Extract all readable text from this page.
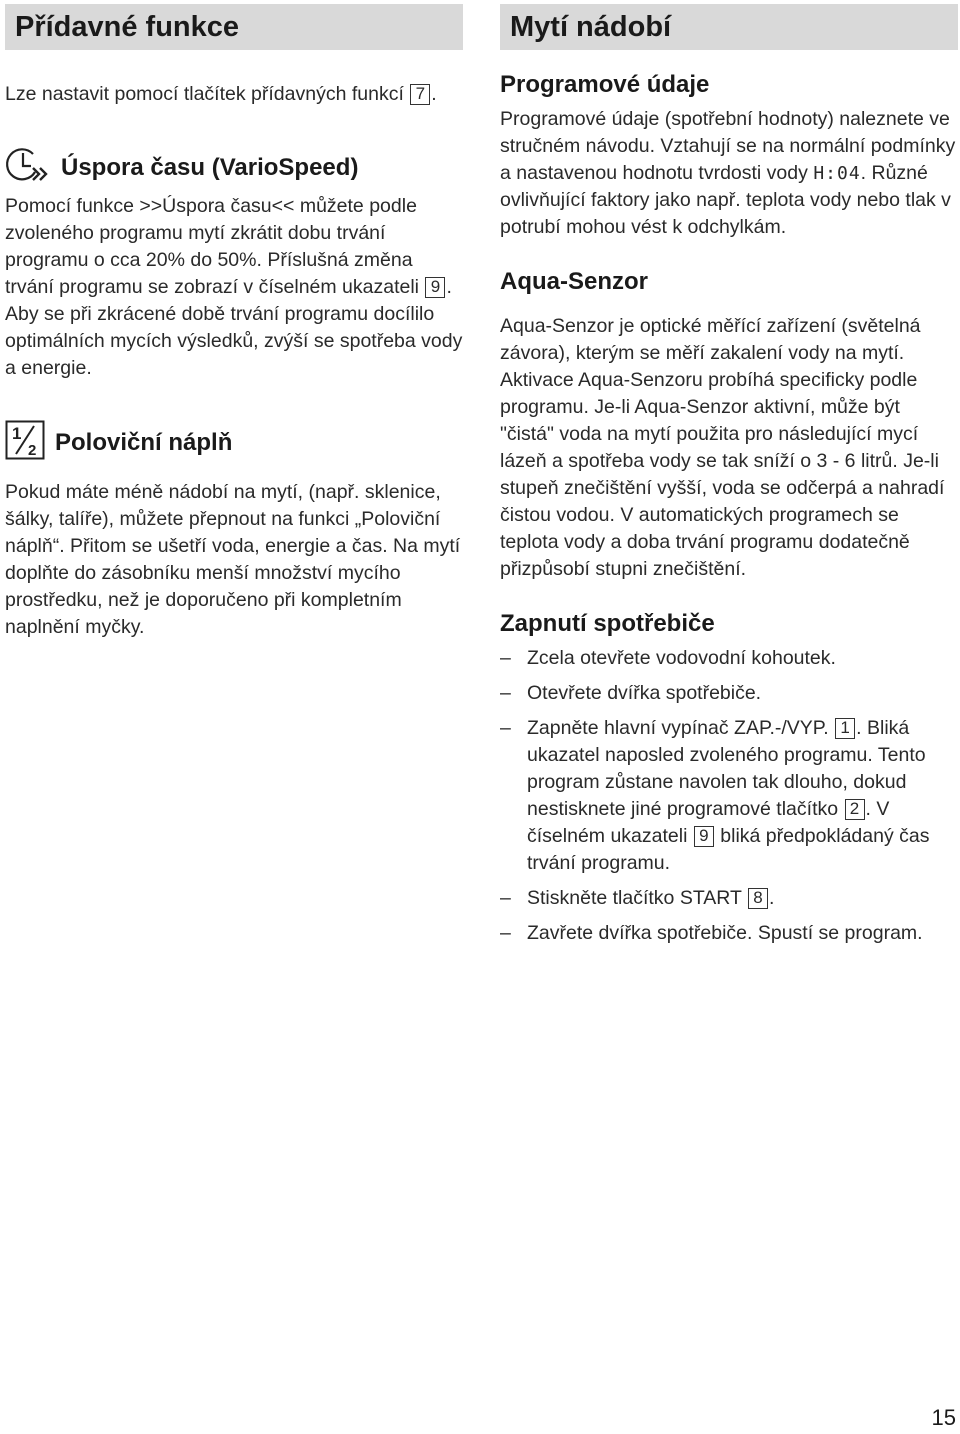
Přídavné funkce

Lze nastavit pomocí tlačítek přídavných funkcí 7 .

Úspora času (VarioSpeed)

Pomocí funkce >>Úspora času<< můžete podle zvoleného programu mytí zkrátit dobu trvání programu o cca 20% do 50%. Příslušná změna trvání programu se zobrazí v číselném ukazateli 9 . Aby se při zkrácené době trvání programu docílilo optimálních mycích výsledků, zvýší se spotřeba vody a energie.

1
2 Poloviční náplň

Pokud máte méně nádobí na mytí, (např. sklenice, šálky, talíře), můžete přepnout na funkci „Poloviční náplň“. Přitom se ušetří voda, energie a čas. Na mytí doplňte do zásobníku menší množství mycího prostředku, než je doporučeno při kompletním naplnění myčky.

Mytí nádobí
Programové údaje

Programové údaje (spotřební hodnoty) naleznete ve stručném návodu. Vztahují se na normální podmínky a nastavenou hodnotu tvrdosti vody H:04. Různé ovlivňující faktory jako např. teplota vody nebo tlak v potrubí mohou vést k odchylkám.

Aqua-Senzor

Aqua-Senzor je optické měřící zařízení (světelná závora), kterým se měří zakalení vody na mytí. Aktivace Aqua-Senzoru probíhá specificky podle programu. Je-li Aqua-Senzor aktivní, může být "čistá" voda na mytí použita pro následující mycí lázeň a spotřeba vody se tak sníží o 3 - 6 litrů. Je-li stupeň znečištění vyšší, voda se odčerpá a nahradí čistou vodou. V automatických programech se teplota vody a doba trvání programu dodatečně přizpůsobí stupni znečištění.

Zapnutí spotřebiče
– Zcela otevřete vodovodní kohoutek.
– Otevřete dvířka spotřebiče.
– Zapněte hlavní vypínač ZAP.-/VYP. 1 . Bliká ukazatel naposled zvoleného programu. Tento program zůstane navolen tak dlouho, dokud nestisknete jiné programové tlačítko 2 . V číselném ukazateli 9 bliká předpokládaný čas trvání programu.
– Stiskněte tlačítko START 8 .
– Zavřete dvířka spotřebiče. Spustí se program.
15
